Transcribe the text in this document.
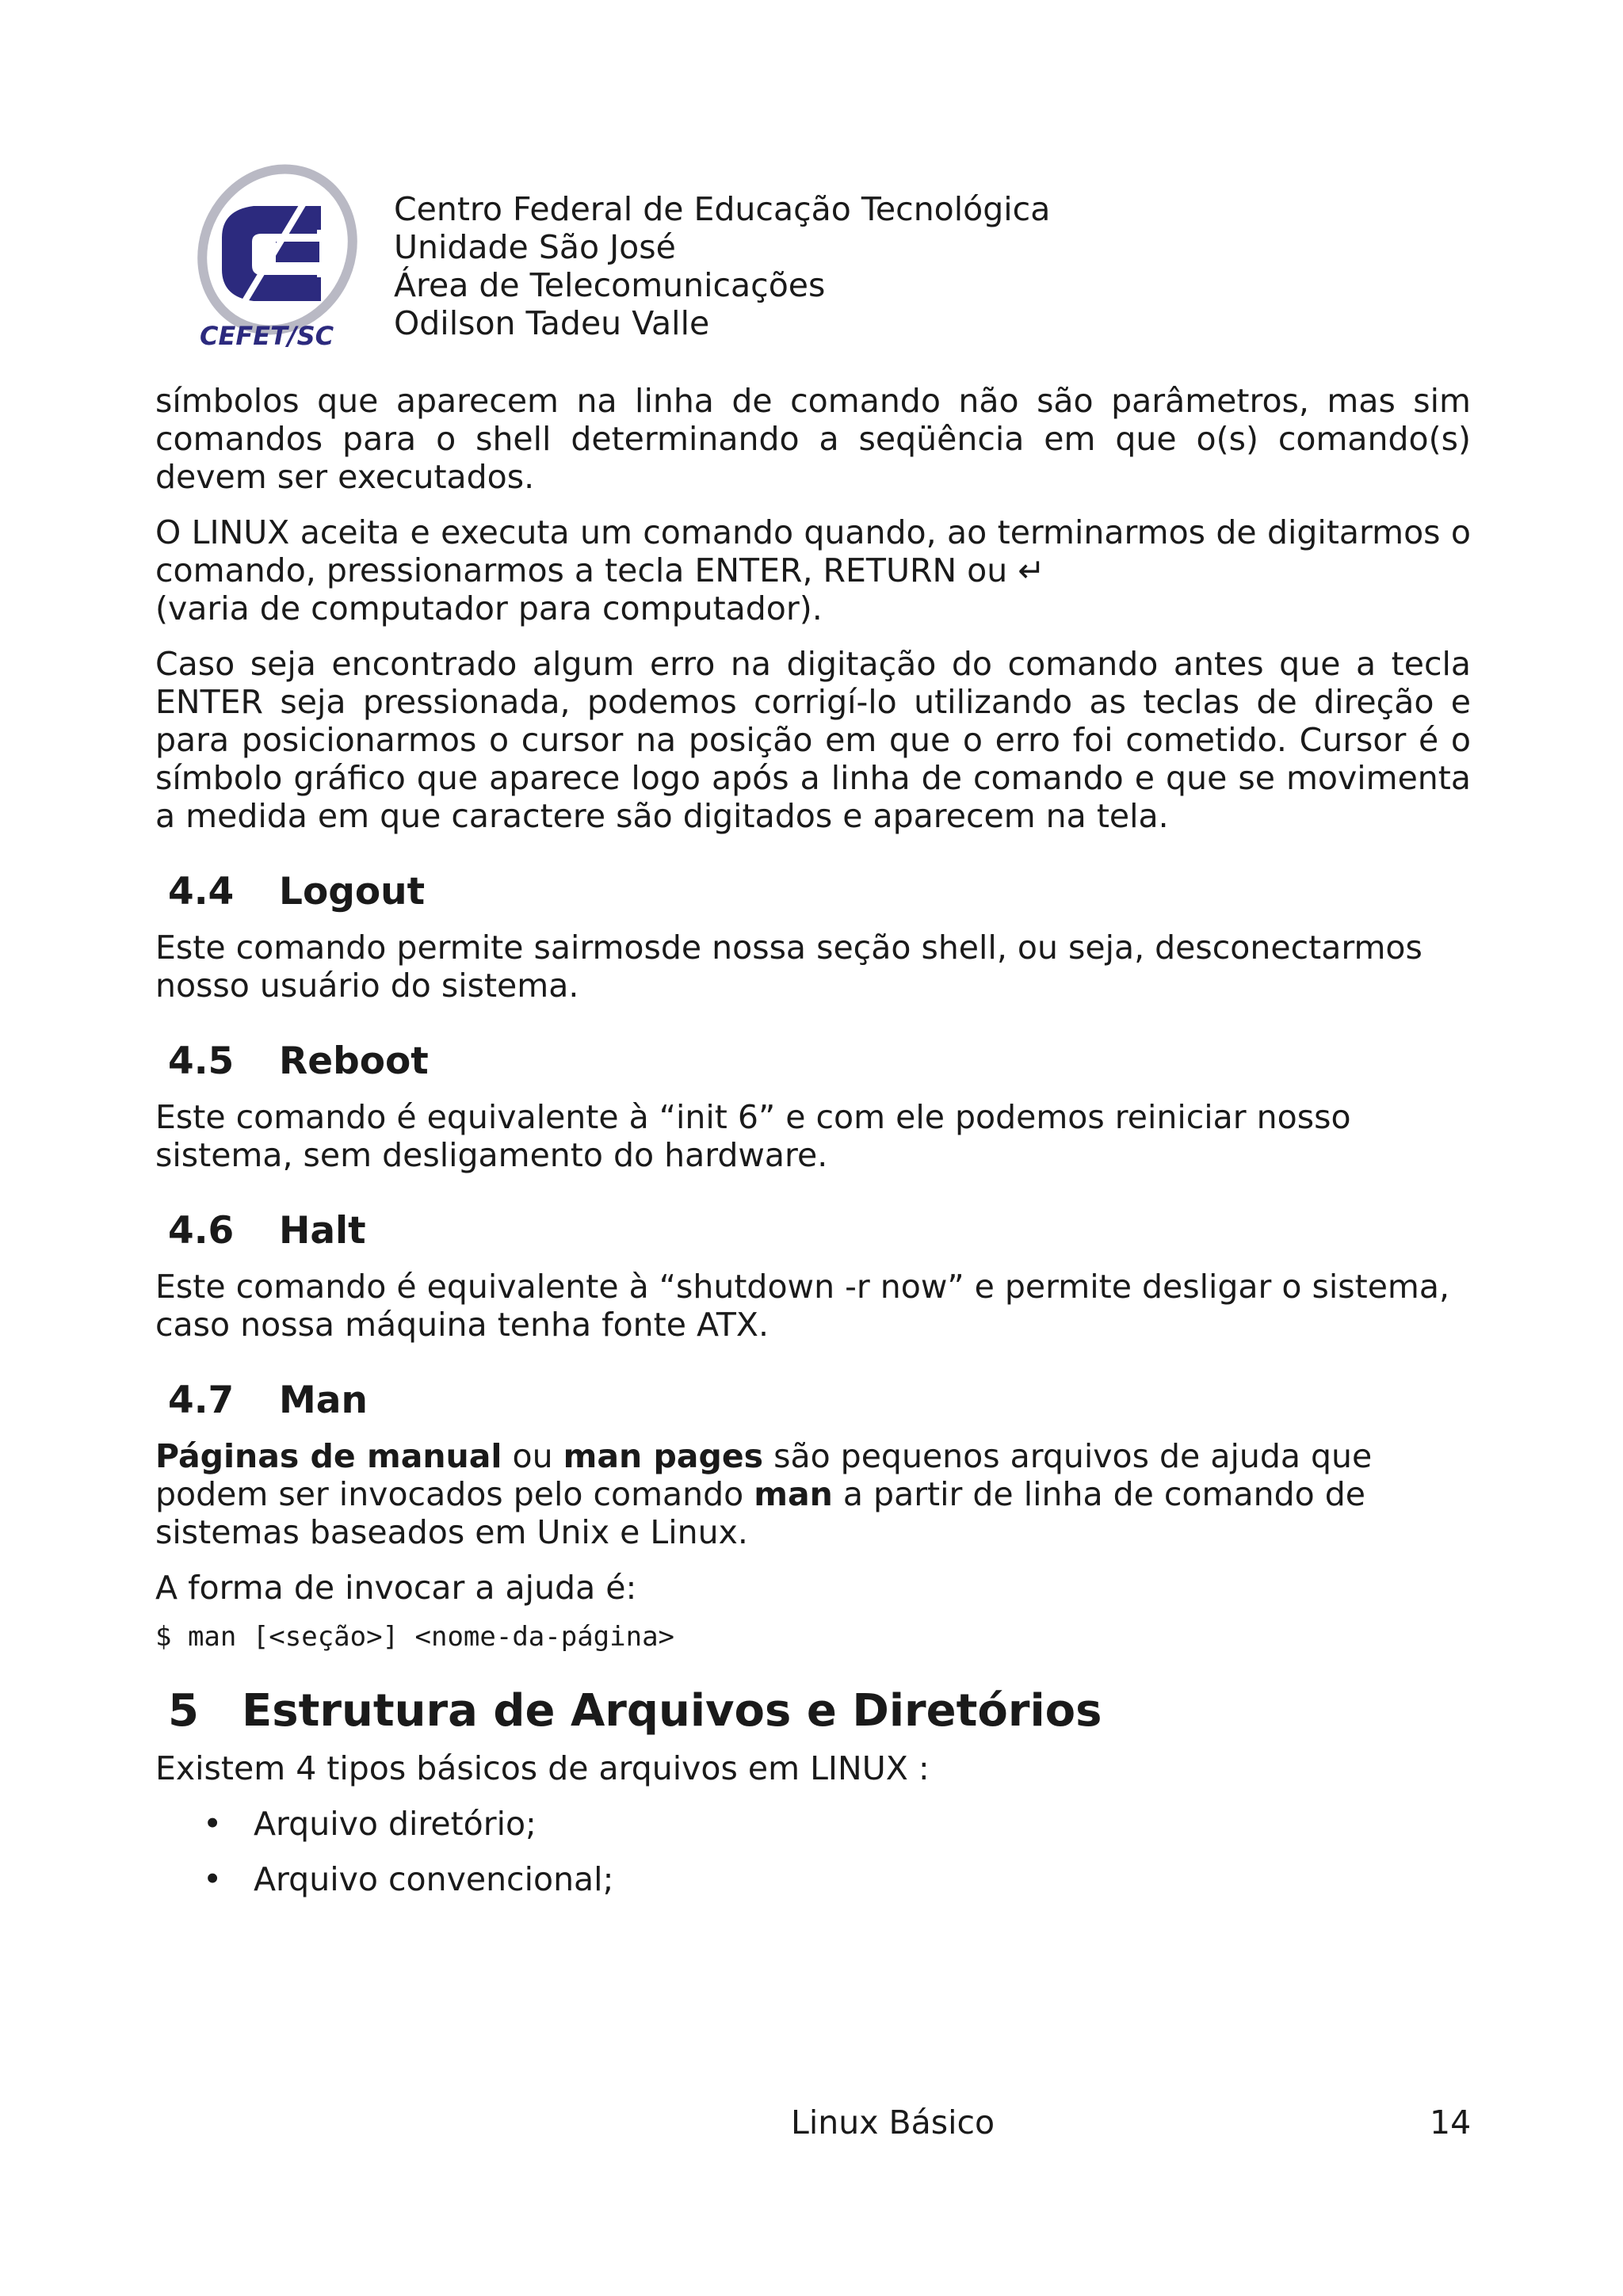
CEFET/SC
Centro Federal de Educação Tecnológica
Unidade São José
Área de Telecomunicações
Odilson Tadeu Valle

símbolos que aparecem na linha de comando não são parâmetros, mas sim comandos para o shell determinando a seqüência em que o(s) comando(s) devem ser executados.

O LINUX aceita e executa um comando quando, ao terminarmos de digitarmos o comando, pressionarmos a tecla ENTER, RETURN ou ↵
(varia de computador para computador).

Caso seja encontrado algum erro na digitação do comando antes que a tecla ENTER seja pressionada, podemos corrigí-lo utilizando as teclas de direção e para posicionarmos o cursor na posição em que o erro foi cometido. Cursor é o símbolo gráfico que aparece logo após a linha de comando e que se movimenta a medida em que caractere são digitados e aparecem na tela.

4.4 Logout

Este comando permite sairmosde nossa seção shell, ou seja, desconectarmos nosso usuário do sistema.

4.5 Reboot

Este comando é equivalente à “init 6” e com ele podemos reiniciar nosso sistema, sem desligamento do hardware.

4.6 Halt

Este comando é equivalente à “shutdown -r now” e permite desligar o sistema, caso nossa máquina tenha fonte ATX.

4.7 Man

Páginas de manual ou man pages são pequenos arquivos de ajuda que podem ser invocados pelo comando man a partir de linha de comando de sistemas baseados em Unix e Linux.

A forma de invocar a ajuda é:

$ man [<seção>] <nome-da-página>
5 Estrutura de Arquivos e Diretórios

Existem 4 tipos básicos de arquivos em LINUX :

• Arquivo diretório;
• Arquivo convencional;
Linux Básico	14
